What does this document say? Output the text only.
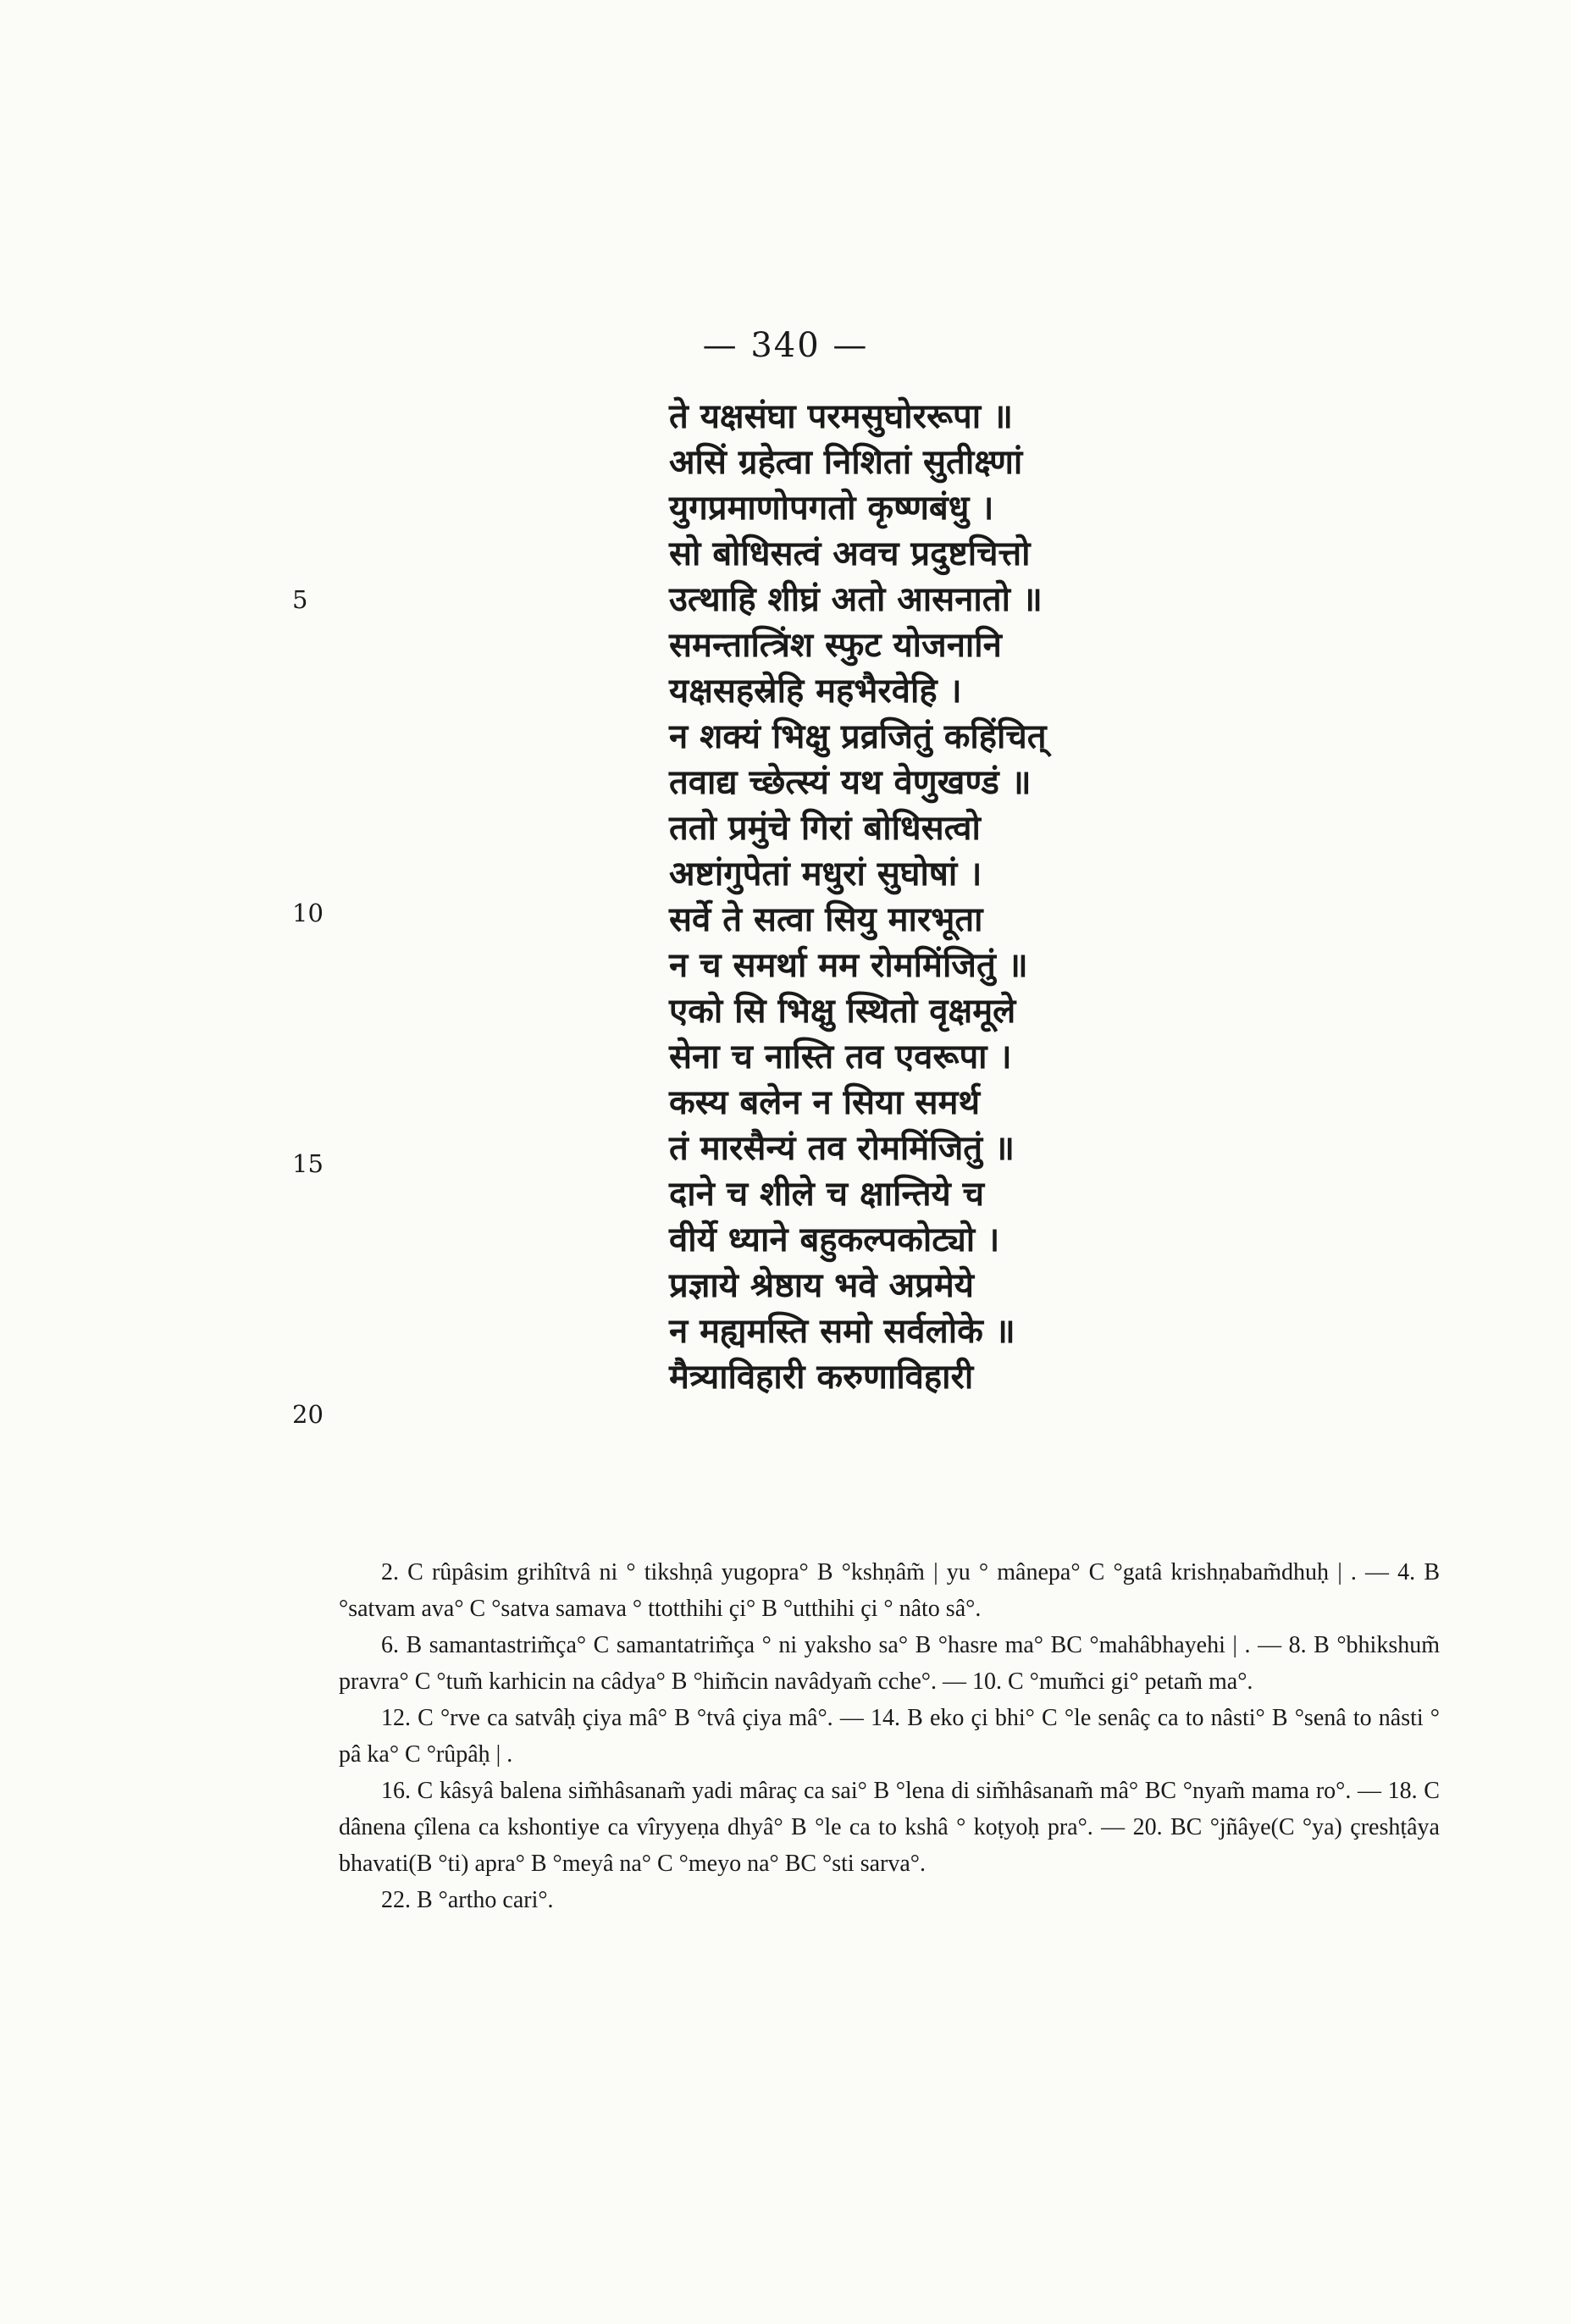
— 340 —
5
10
15
20
ते यक्षसंघा परमसुघोररूपा ॥
असिं ग्रहेत्वा निशितां सुतीक्ष्णां
युगप्रमाणोपगतो कृष्णबंधु ।
सो बोधिसत्वं अवच प्रदुष्टचित्तो
उत्थाहि शीघ्रं अतो आसनातो ॥
समन्तात्त्रिंश स्फुट योजनानि
यक्षसहस्रेहि महभैरवेहि ।
न शक्यं भिक्षु प्रव्रजितुं कहिंचित्
तवाद्य च्छेत्स्यं यथ वेणुखण्डं ॥
ततो प्रमुंचे गिरां बोधिसत्वो
अष्टांगुपेतां मधुरां सुघोषां ।
सर्वे ते सत्वा सियु मारभूता
न च समर्था मम रोममिंजितुं ॥
एको सि भिक्षु स्थितो वृक्षमूले
सेना च नास्ति तव एवरूपा ।
कस्य बलेन न सिया समर्थ
तं मारसैन्यं तव रोममिंजितुं ॥
दाने च शीले च क्षान्तिये च
वीर्ये ध्याने बहुकल्पकोट्यो ।
प्रज्ञाये श्रेष्ठाय भवे अप्रमेये
न मह्यमस्ति समो सर्वलोके ॥
मैत्र्याविहारी करुणाविहारी

2. C rûpâsim grihîtvâ ni ° tikshṇâ yugopra° B °kshṇâm̃ | yu ° mânepa° C °gatâ krishṇabam̃dhuḥ | . — 4. B °satvam ava° C °satva samava ° ttotthihi çi° B °utthihi çi ° nâto sâ°.

6. B samantastrim̃ça° C samantatrim̃ça ° ni yaksho sa° B °hasre ma° BC °mahâbhayehi | . — 8. B °bhikshum̃ pravra° C °tum̃ karhicin na câdya° B °him̃cin navâdyam̃ cche°. — 10. C °mum̃ci gi° petam̃ ma°.

12. C °rve ca satvâḥ çiya mâ° B °tvâ çiya mâ°. — 14. B eko çi bhi° C °le senâç ca to nâsti° B °senâ to nâsti ° pâ ka° C °rûpâḥ | .

16. C kâsyâ balena sim̃hâsanam̃ yadi mâraç ca sai° B °lena di sim̃hâsanam̃ mâ° BC °nyam̃ mama ro°. — 18. C dânena çîlena ca kshontiye ca vîryyeṇa dhyâ° B °le ca to kshâ ° koṭyoḥ pra°. — 20. BC °jñâye(C °ya) çreshṭâya bhavati(B °ti) apra° B °meyâ na° C °meyo na° BC °sti sarva°.

22. B °artho cari°.
